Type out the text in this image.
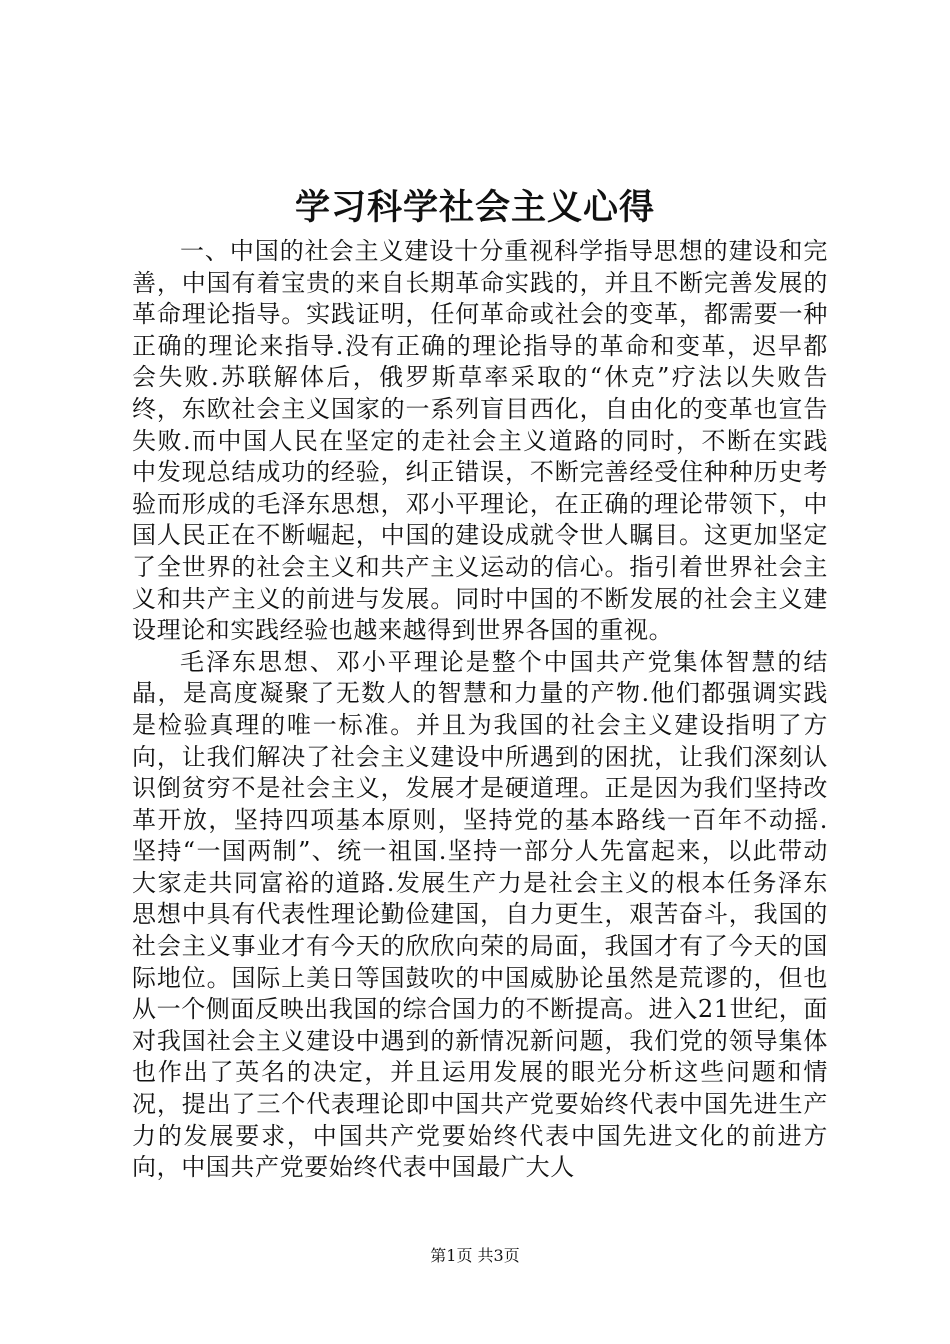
学习科学社会主义心得

一、中国的社会主义建设十分重视科学指导思想的建设和完善，中国有着宝贵的来自长期革命实践的，并且不断完善发展的革命理论指导。实践证明，任何革命或社会的变革，都需要一种正确的理论来指导.没有正确的理论指导的革命和变革，迟早都会失败.苏联解体后，俄罗斯草率采取的“休克”疗法以失败告终，东欧社会主义国家的一系列盲目西化，自由化的变革也宣告失败.而中国人民在坚定的走社会主义道路的同时，不断在实践中发现总结成功的经验，纠正错误，不断完善经受住种种历史考验而形成的毛泽东思想，邓小平理论，在正确的理论带领下，中国人民正在不断崛起，中国的建设成就令世人瞩目。这更加坚定了全世界的社会主义和共产主义运动的信心。指引着世界社会主义和共产主义的前进与发展。同时中国的不断发展的社会主义建设理论和实践经验也越来越得到世界各国的重视。

毛泽东思想、邓小平理论是整个中国共产党集体智慧的结晶，是高度凝聚了无数人的智慧和力量的产物.他们都强调实践是检验真理的唯一标准。并且为我国的社会主义建设指明了方向，让我们解决了社会主义建设中所遇到的困扰，让我们深刻认识倒贫穷不是社会主义，发展才是硬道理。正是因为我们坚持改革开放，坚持四项基本原则，坚持党的基本路线一百年不动摇.坚持“一国两制”、统一祖国.坚持一部分人先富起来，以此带动大家走共同富裕的道路.发展生产力是社会主义的根本任务泽东思想中具有代表性理论勤俭建国，自力更生，艰苦奋斗，我国的社会主义事业才有今天的欣欣向荣的局面，我国才有了今天的国际地位。国际上美日等国鼓吹的中国威胁论虽然是荒谬的，但也从一个侧面反映出我国的综合国力的不断提高。进入21世纪，面对我国社会主义建设中遇到的新情况新问题，我们党的领导集体也作出了英名的决定，并且运用发展的眼光分析这些问题和情况，提出了三个代表理论即中国共产党要始终代表中国先进生产力的发展要求，中国共产党要始终代表中国先进文化的前进方向，中国共产党要始终代表中国最广大人

第1页 共3页
